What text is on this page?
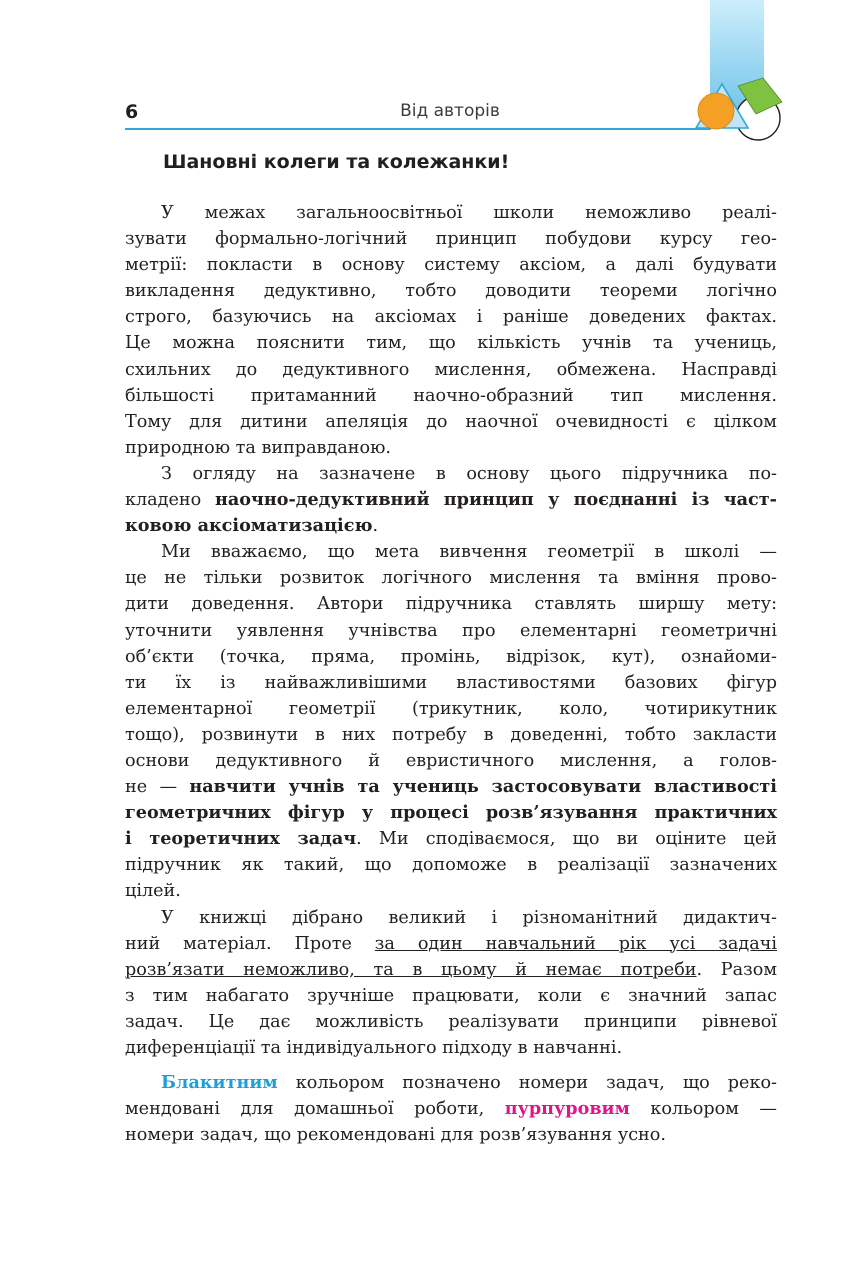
6	Від авторів
Шановні колеги та колежанки!
У межах загальноосвітньої школи неможливо реалі-
зувати формально-логічний принцип побудови курсу гео-
метрії: покласти в основу систему аксіом, а далі будувати
викладення дедуктивно, тобто доводити теореми логічно
строго, базуючись на аксіомах і раніше доведених фактах.
Це можна пояснити тим, що кількість учнів та учениць,
схильних до дедуктивного мислення, обмежена. Насправді
більшості притаманний наочно-образний тип мислення.
Тому для дитини апеляція до наочної очевидності є цілком
природною та виправданою.
З огляду на зазначене в основу цього підручника по-
кладено наочно-дедуктивний принцип у поєднанні із част-
ковою аксіоматизацією.
Ми вважаємо, що мета вивчення геометрії в школі —
це не тільки розвиток логічного мислення та вміння прово-
дити доведення. Автори підручника ставлять ширшу мету:
уточнити уявлення учнівства про елементарні геометричні
об’єкти (точка, пряма, промінь, відрізок, кут), ознайоми-
ти їх із найважливішими властивостями базових фігур
елементарної геометрії (трикутник, коло, чотирикутник
тощо), розвинути в них потребу в доведенні, тобто закласти
основи дедуктивного й евристичного мислення, а голов-
не — навчити учнів та учениць застосовувати властивості
геометричних фігур у процесі розв’язування практичних
і теоретичних задач. Ми сподіваємося, що ви оціните цей
підручник як такий, що допоможе в реалізації зазначених
цілей.
У книжці дібрано великий і різноманітний дидактич-
ний матеріал. Проте за один навчальний рік усі задачі
розв’язати неможливо, та в цьому й немає потреби. Разом
з тим набагато зручніше працювати, коли є значний запас
задач. Це дає можливість реалізувати принципи рівневої
диференціації та індивідуального підходу в навчанні.
Блакитним кольором позначено номери задач, що реко-
мендовані для домашньої роботи, пурпуровим кольором —
номери задач, що рекомендовані для розв’язування усно.
